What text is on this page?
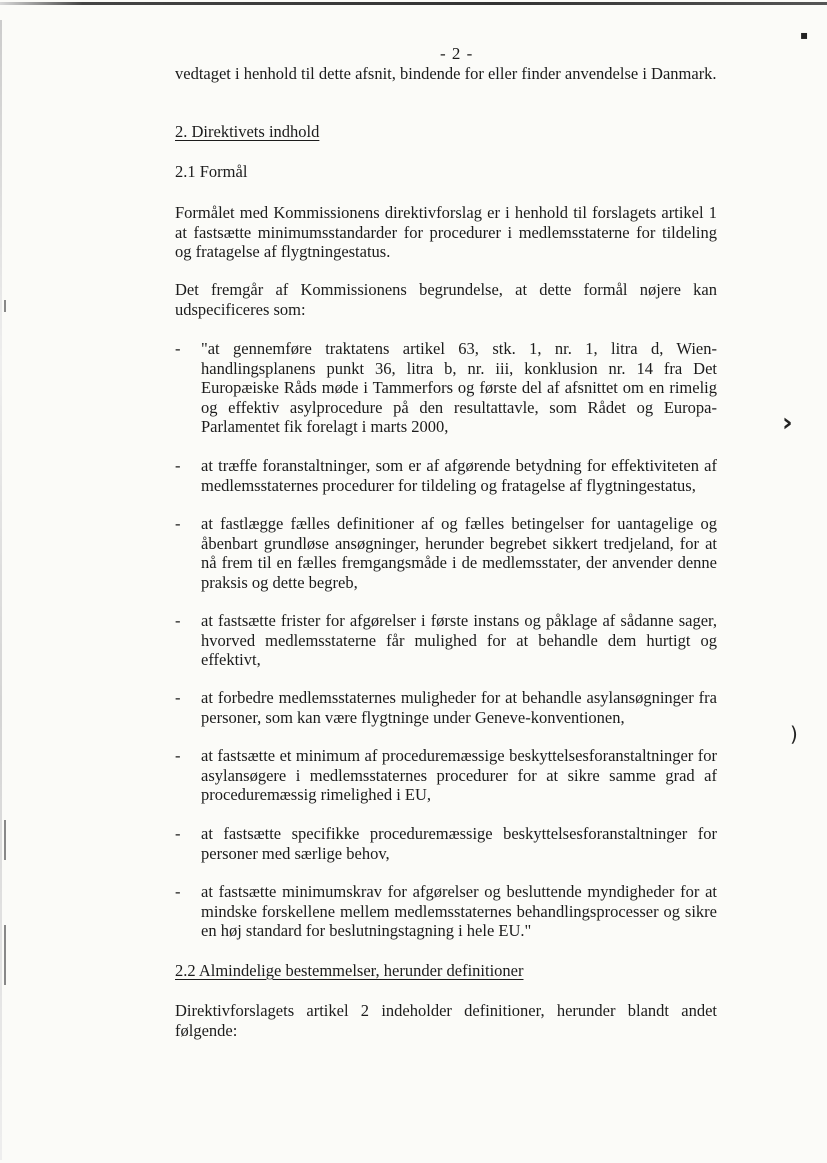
▪
›
)
- 2 -

vedtaget i henhold til dette afsnit, bindende for eller finder anvendelse i Danmark.

2. Direktivets indhold

2.1 Formål

Formålet med Kommissionens direktivforslag er i henhold til forslagets artikel 1 at fastsætte minimumsstandarder for procedurer i medlemsstaterne for tildeling og fratagelse af flygtningestatus.

Det fremgår af Kommissionens begrundelse, at dette formål nøjere kan udspecificeres som:

- "at gennemføre traktatens artikel 63, stk. 1, nr. 1, litra d, Wien-handlingsplanens punkt 36, litra b, nr. iii, konklusion nr. 14 fra Det Europæiske Råds møde i Tammerfors og første del af afsnittet om en rimelig og effektiv asylprocedure på den resultattavle, som Rådet og Europa-Parlamentet fik forelagt i marts 2000,
- at træffe foranstaltninger, som er af afgørende betydning for effektiviteten af medlemsstaternes procedurer for tildeling og fratagelse af flygtningestatus,
- at fastlægge fælles definitioner af og fælles betingelser for uantagelige og åbenbart grundløse ansøgninger, herunder begrebet sikkert tredjeland, for at nå frem til en fælles fremgangsmåde i de medlemsstater, der anvender denne praksis og dette begreb,
- at fastsætte frister for afgørelser i første instans og påklage af sådanne sager, hvorved medlemsstaterne får mulighed for at behandle dem hurtigt og effektivt,
- at forbedre medlemsstaternes muligheder for at behandle asylansøgninger fra personer, som kan være flygtninge under Geneve-konventionen,
- at fastsætte et minimum af proceduremæssige beskyttelsesforanstaltninger for asylansøgere i medlemsstaternes procedurer for at sikre samme grad af proceduremæssig rimelighed i EU,
- at fastsætte specifikke proceduremæssige beskyttelsesforanstaltninger for personer med særlige behov,
- at fastsætte minimumskrav for afgørelser og besluttende myndigheder for at mindske forskellene mellem medlemsstaternes behandlingsprocesser og sikre en høj standard for beslutningstagning i hele EU."

2.2 Almindelige bestemmelser, herunder definitioner

Direktivforslagets artikel 2 indeholder definitioner, herunder blandt andet følgende:
